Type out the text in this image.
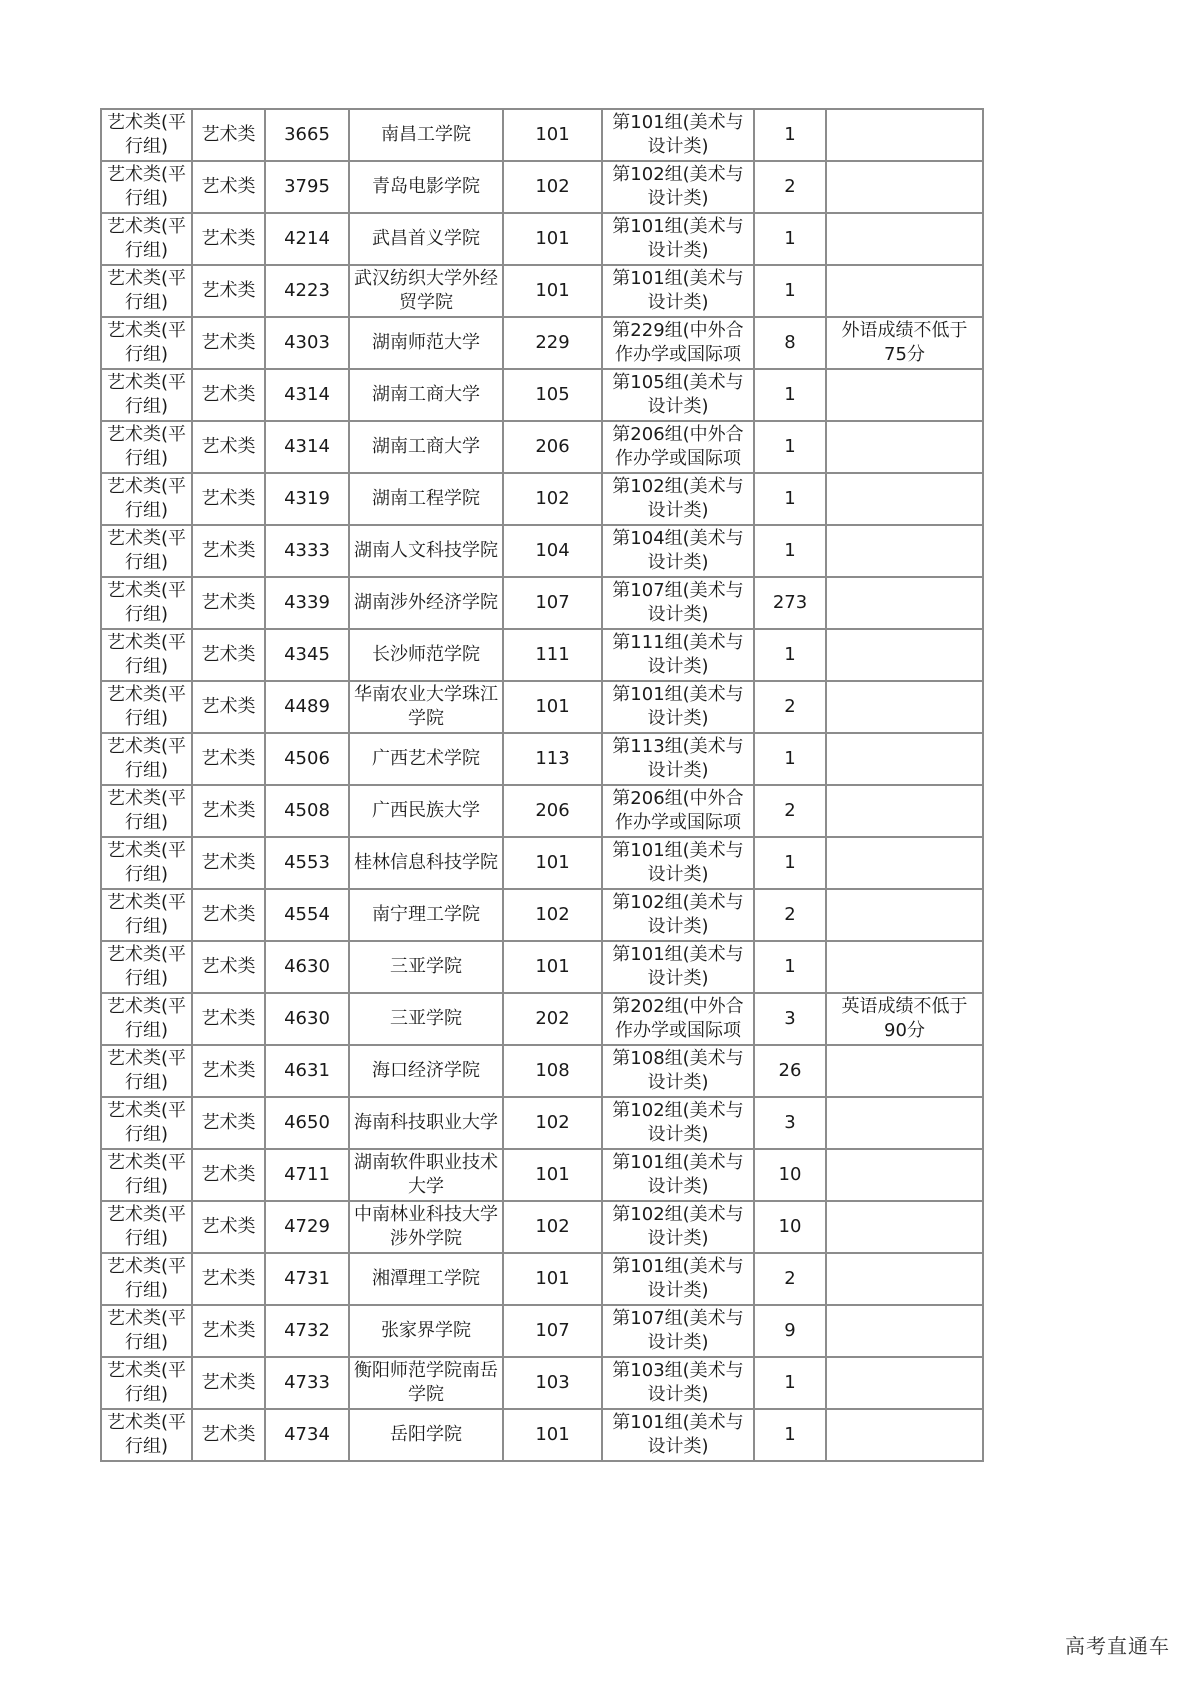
艺术类(平行组)	艺术类	3665	南昌工学院	101	第101组(美术与设计类)	1	

艺术类(平行组)	艺术类	3795	青岛电影学院	102	第102组(美术与设计类)	2	

艺术类(平行组)	艺术类	4214	武昌首义学院	101	第101组(美术与设计类)	1	

艺术类(平行组)	艺术类	4223	武汉纺织大学外经贸学院	101	第101组(美术与设计类)	1	

艺术类(平行组)	艺术类	4303	湖南师范大学	229	第229组(中外合作办学或国际项	8	外语成绩不低于75分

艺术类(平行组)	艺术类	4314	湖南工商大学	105	第105组(美术与设计类)	1	

艺术类(平行组)	艺术类	4314	湖南工商大学	206	第206组(中外合作办学或国际项	1	

艺术类(平行组)	艺术类	4319	湖南工程学院	102	第102组(美术与设计类)	1	

艺术类(平行组)	艺术类	4333	湖南人文科技学院	104	第104组(美术与设计类)	1	

艺术类(平行组)	艺术类	4339	湖南涉外经济学院	107	第107组(美术与设计类)	273	

艺术类(平行组)	艺术类	4345	长沙师范学院	111	第111组(美术与设计类)	1	

艺术类(平行组)	艺术类	4489	华南农业大学珠江学院	101	第101组(美术与设计类)	2	

艺术类(平行组)	艺术类	4506	广西艺术学院	113	第113组(美术与设计类)	1	

艺术类(平行组)	艺术类	4508	广西民族大学	206	第206组(中外合作办学或国际项	2	

艺术类(平行组)	艺术类	4553	桂林信息科技学院	101	第101组(美术与设计类)	1	

艺术类(平行组)	艺术类	4554	南宁理工学院	102	第102组(美术与设计类)	2	

艺术类(平行组)	艺术类	4630	三亚学院	101	第101组(美术与设计类)	1	

艺术类(平行组)	艺术类	4630	三亚学院	202	第202组(中外合作办学或国际项	3	英语成绩不低于90分

艺术类(平行组)	艺术类	4631	海口经济学院	108	第108组(美术与设计类)	26	

艺术类(平行组)	艺术类	4650	海南科技职业大学	102	第102组(美术与设计类)	3	

艺术类(平行组)	艺术类	4711	湖南软件职业技术大学	101	第101组(美术与设计类)	10	

艺术类(平行组)	艺术类	4729	中南林业科技大学涉外学院	102	第102组(美术与设计类)	10	

艺术类(平行组)	艺术类	4731	湘潭理工学院	101	第101组(美术与设计类)	2	

艺术类(平行组)	艺术类	4732	张家界学院	107	第107组(美术与设计类)	9	

艺术类(平行组)	艺术类	4733	衡阳师范学院南岳学院	103	第103组(美术与设计类)	1	

艺术类(平行组)	艺术类	4734	岳阳学院	101	第101组(美术与设计类)	1	

高考直通车
